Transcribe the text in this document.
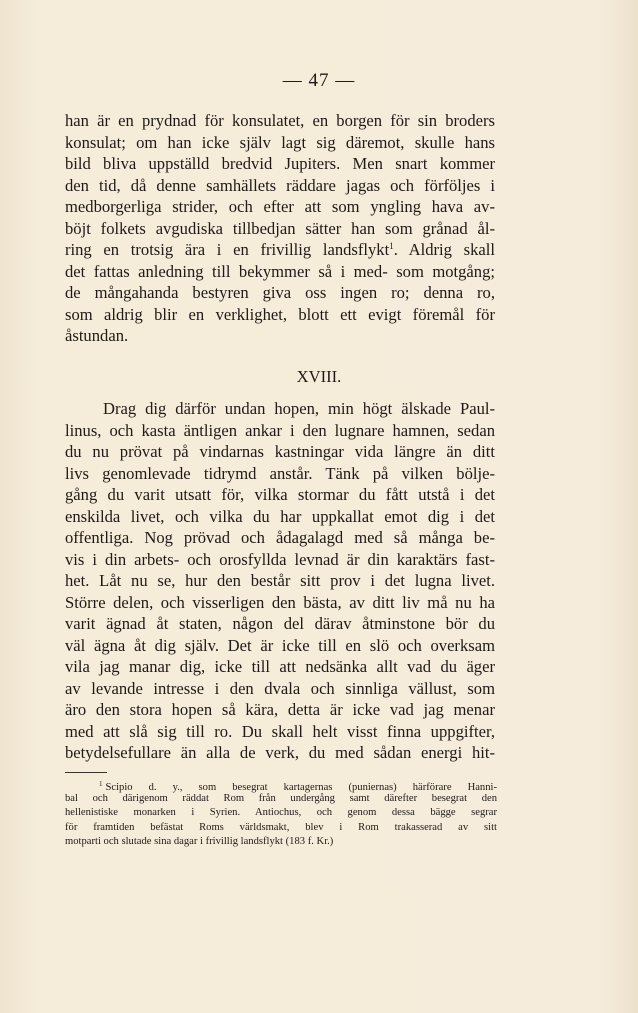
— 47 —
han är en prydnad för konsulatet, en borgen för sin broders
konsulat; om han icke själv lagt sig däremot, skulle hans
bild bliva uppställd bredvid Jupiters. Men snart kommer
den tid, då denne samhällets räddare jagas och förföljes i
medborgerliga strider, och efter att som yngling hava av-
böjt folkets avgudiska tillbedjan sätter han som grånad ål-
ring en trotsig ära i en frivillig landsflykt$^1$. Aldrig skall
det fattas anledning till bekymmer så i med- som motgång;
de mångahanda bestyren giva oss ingen ro; denna ro,
som aldrig blir en verklighet, blott ett evigt föremål för
åstundan.
XVIII.
Drag dig därför undan hopen, min högt älskade Paul-
linus, och kasta äntligen ankar i den lugnare hamnen, sedan
du nu prövat på vindarnas kastningar vida längre än ditt
livs genomlevade tidrymd anstår. Tänk på vilken bölje-
gång du varit utsatt för, vilka stormar du fått utstå i det
enskilda livet, och vilka du har uppkallat emot dig i det
offentliga. Nog prövad och ådagalagd med så många be-
vis i din arbets- och orosfyllda levnad är din karaktärs fast-
het. Låt nu se, hur den består sitt prov i det lugna livet.
Större delen, och visserligen den bästa, av ditt liv må nu ha
varit ägnad åt staten, någon del därav åtminstone bör du
väl ägna åt dig själv. Det är icke till en slö och overksam
vila jag manar dig, icke till att nedsänka allt vad du äger
av levande intresse i den dvala och sinnliga vällust, som
äro den stora hopen så kära, detta är icke vad jag menar
med att slå sig till ro. Du skall helt visst finna uppgifter,
betydelsefullare än alla de verk, du med sådan energi hit-
$^1$ Scipio d. y., som besegrat kartagernas (puniernas) härförare Hanni-
bal och därigenom räddat Rom från undergång samt därefter besegrat den
hellenistiske monarken i Syrien. Antiochus, och genom dessa bägge segrar
för framtiden befästat Roms världsmakt, blev i Rom trakasserad av sitt
motparti och slutade sina dagar i frivillig landsflykt (183 f. Kr.)
